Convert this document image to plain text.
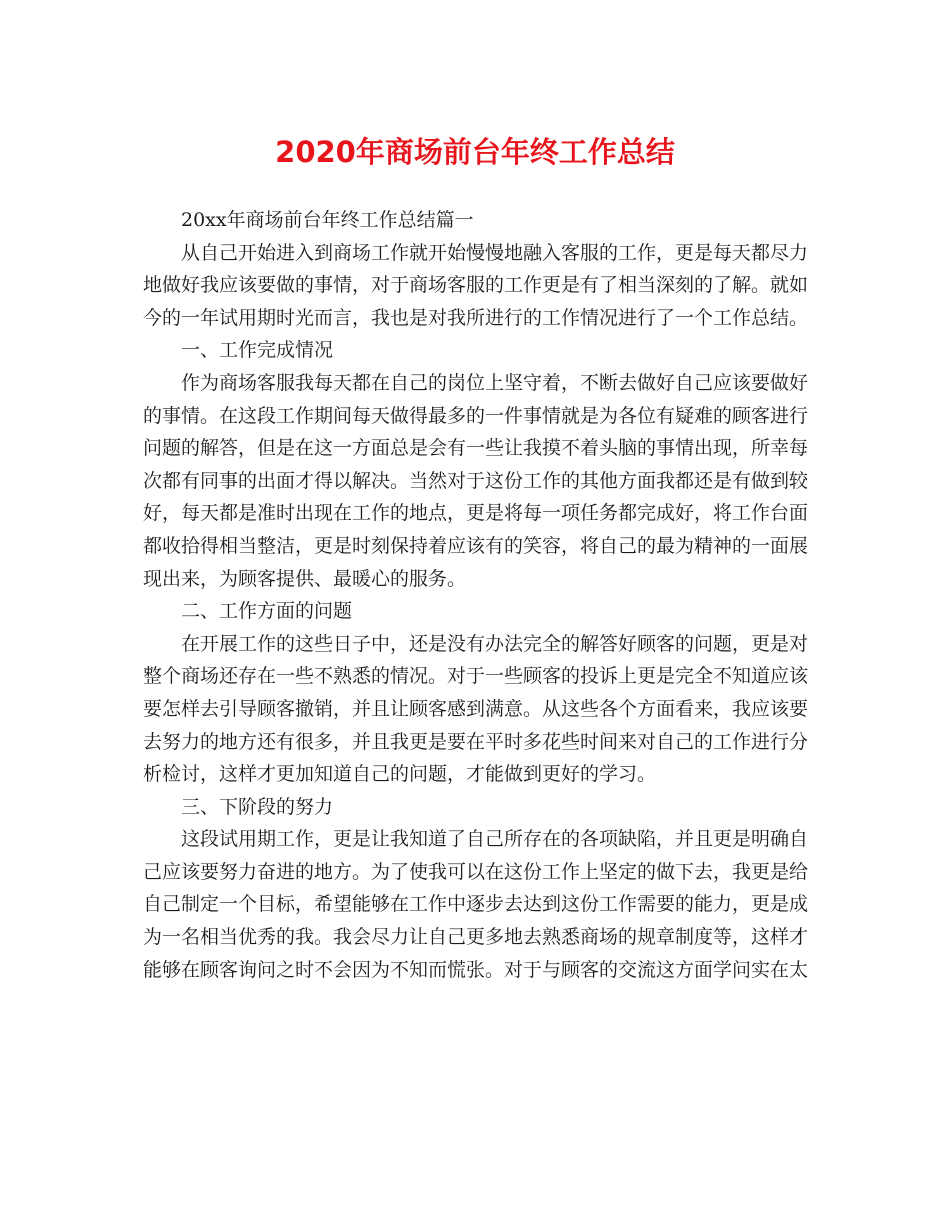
2020年商场前台年终工作总结

20xx年商场前台年终工作总结篇一

从自己开始进入到商场工作就开始慢慢地融入客服的工作，更是每天都尽力地做好我应该要做的事情，对于商场客服的工作更是有了相当深刻的了解。就如今的一年试用期时光而言，我也是对我所进行的工作情况进行了一个工作总结。

一、工作完成情况

作为商场客服我每天都在自己的岗位上坚守着，不断去做好自己应该要做好的事情。在这段工作期间每天做得最多的一件事情就是为各位有疑难的顾客进行问题的解答，但是在这一方面总是会有一些让我摸不着头脑的事情出现，所幸每次都有同事的出面才得以解决。当然对于这份工作的其他方面我都还是有做到较好，每天都是准时出现在工作的地点，更是将每一项任务都完成好，将工作台面都收拾得相当整洁，更是时刻保持着应该有的笑容，将自己的最为精神的一面展现出来，为顾客提供、最暖心的服务。

二、工作方面的问题

在开展工作的这些日子中，还是没有办法完全的解答好顾客的问题，更是对整个商场还存在一些不熟悉的情况。对于一些顾客的投诉上更是完全不知道应该要怎样去引导顾客撤销，并且让顾客感到满意。从这些各个方面看来，我应该要去努力的地方还有很多，并且我更是要在平时多花些时间来对自己的工作进行分析检讨，这样才更加知道自己的问题，才能做到更好的学习。

三、下阶段的努力

这段试用期工作，更是让我知道了自己所存在的各项缺陷，并且更是明确自己应该要努力奋进的地方。为了使我可以在这份工作上坚定的做下去，我更是给自己制定一个目标，希望能够在工作中逐步去达到这份工作需要的能力，更是成为一名相当优秀的我。我会尽力让自己更多地去熟悉商场的规章制度等，这样才能够在顾客询问之时不会因为不知而慌张。对于与顾客的交流这方面学问实在太
